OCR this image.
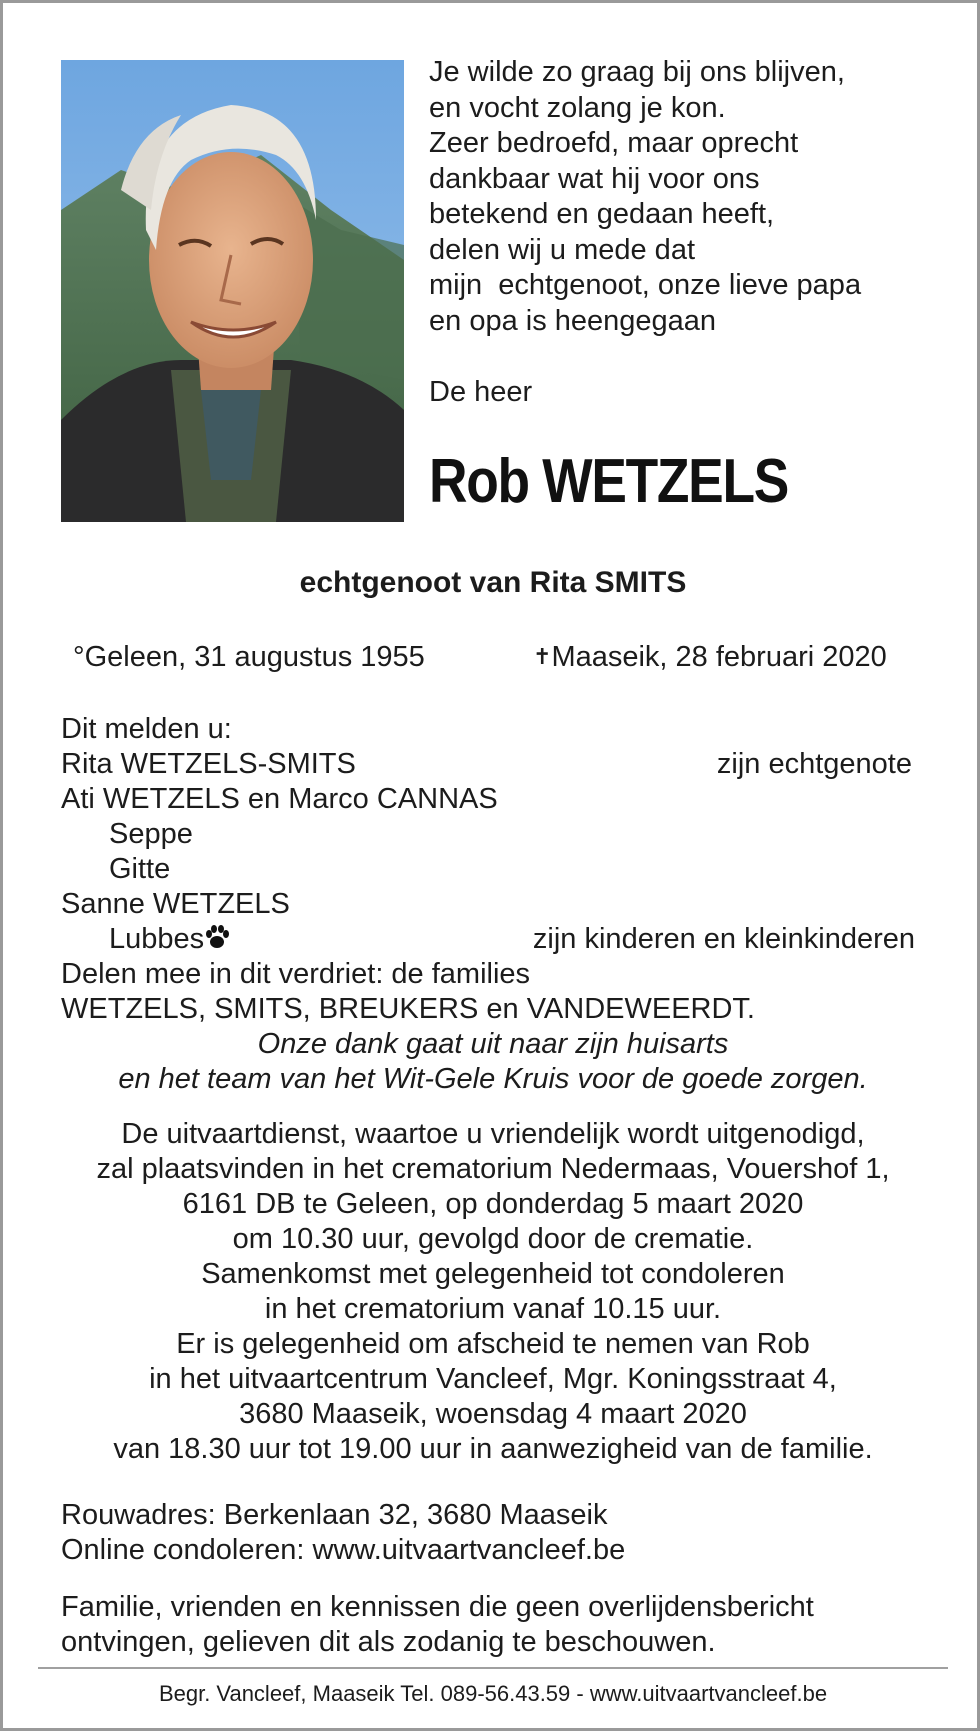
Je wilde zo graag bij ons blijven,
en vocht zolang je kon.
Zeer bedroefd, maar oprecht
dankbaar wat hij voor ons
betekend en gedaan heeft,
delen wij u mede dat
mijn  echtgenoot, onze lieve papa
en opa is heengegaan
De heer
Rob WETZELS
echtgenoot van Rita SMITS
°Geleen, 31 augustus 1955	✝Maaseik, 28 februari 2020
Dit melden u:
Rita WETZELS-SMITS	zijn echtgenote
Ati WETZELS en Marco CANNAS
Seppe
Gitte
Sanne WETZELS
Lubbes	zijn kinderen en kleinkinderen
Delen mee in dit verdriet: de families
WETZELS, SMITS, BREUKERS en VANDEWEERDT.
Onze dank gaat uit naar zijn huisarts
en het team van het Wit-Gele Kruis voor de goede zorgen.
De uitvaartdienst, waartoe u vriendelijk wordt uitgenodigd,
zal plaatsvinden in het crematorium Nedermaas, Vouershof 1,
6161 DB te Geleen, op donderdag 5 maart 2020
om 10.30 uur, gevolgd door de crematie.
Samenkomst met gelegenheid tot condoleren
in het crematorium vanaf 10.15 uur.
Er is gelegenheid om afscheid te nemen van Rob
in het uitvaartcentrum Vancleef, Mgr. Koningsstraat 4,
3680 Maaseik, woensdag 4 maart 2020
van 18.30 uur tot 19.00 uur in aanwezigheid van de familie.
Rouwadres: Berkenlaan 32, 3680 Maaseik
Online condoleren: www.uitvaartvancleef.be
Familie, vrienden en kennissen die geen overlijdensbericht
ontvingen, gelieven dit als zodanig te beschouwen.
Begr. Vancleef, Maaseik Tel. 089-56.43.59 - www.uitvaartvancleef.be
